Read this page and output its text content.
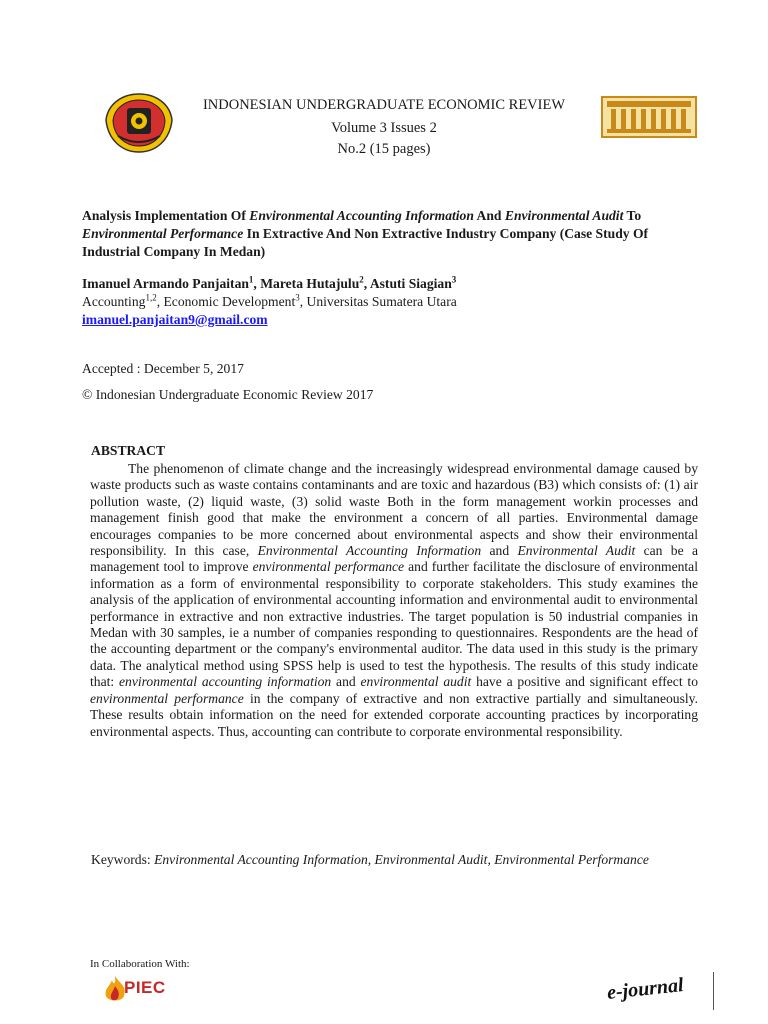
INDONESIAN UNDERGRADUATE ECONOMIC REVIEW
Volume 3 Issues 2
No.2 (15 pages)
Analysis Implementation Of Environmental Accounting Information And Environmental Audit To Environmental Performance In Extractive And Non Extractive Industry Company (Case Study Of Industrial Company In Medan)
Imanuel Armando Panjaitan$^1$, Mareta Hutajulu$^2$, Astuti Siagian$^3$
Accounting$^{1,2}$, Economic Development$^3$, Universitas Sumatera Utara
imanuel.panjaitan9@gmail.com
Accepted : December 5, 2017
© Indonesian Undergraduate Economic Review 2017
ABSTRACT

The phenomenon of climate change and the increasingly widespread environmental damage caused by waste products such as waste contains contaminants and are toxic and hazardous (B3) which consists of: (1) air pollution waste, (2) liquid waste, (3) solid waste Both in the form management workin processes and management finish good that make the environment a concern of all parties. Environmental damage encourages companies to be more concerned about environmental aspects and show their environmental responsibility. In this case, Environmental Accounting Information and Environmental Audit can be a management tool to improve environmental performance and further facilitate the disclosure of environmental information as a form of environmental responsibility to corporate stakeholders. This study examines the analysis of the application of environmental accounting information and environmental audit to environmental performance in extractive and non extractive industries. The target population is 50 industrial companies in Medan with 30 samples, ie a number of companies responding to questionnaires. Respondents are the head of the accounting department or the company's environmental auditor. The data used in this study is the primary data. The analytical method using SPSS help is used to test the hypothesis. The results of this study indicate that: environmental accounting information and environmental audit have a positive and significant effect to environmental performance in the company of extractive and non extractive partially and simultaneously. These results obtain information on the need for extended corporate accounting practices by incorporating environmental aspects. Thus, accounting can contribute to corporate environmental responsibility.

Keywords: Environmental Accounting Information, Environmental Audit, Environmental Performance
In Collaboration With:
PIEC	e-journal
